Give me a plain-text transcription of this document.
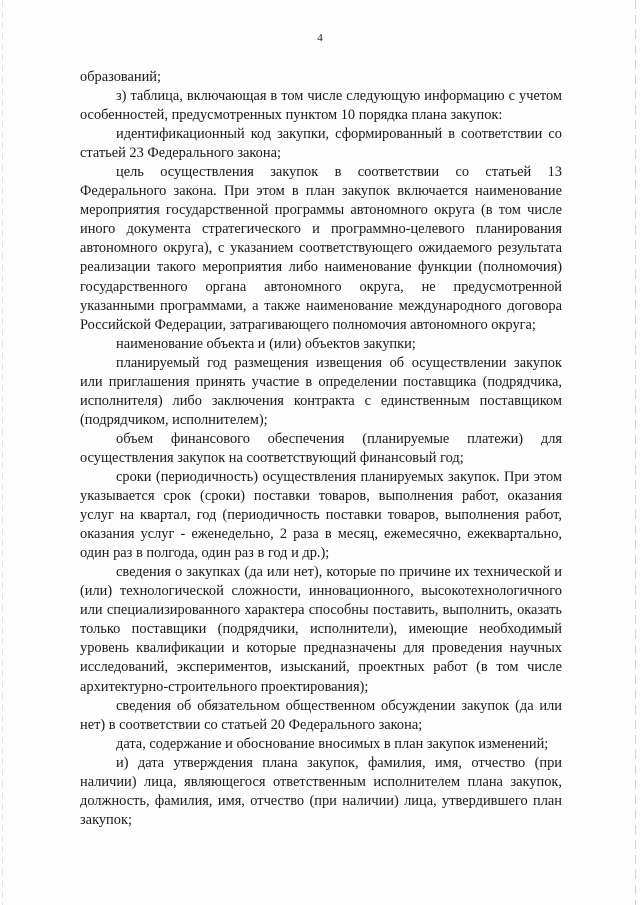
4

образований;

з) таблица, включающая в том числе следующую информацию с учетом особенностей, предусмотренных пунктом 10 порядка плана закупок:

идентификационный код закупки, сформированный в соответствии со статьей 23 Федерального закона;

цель осуществления закупок в соответствии со статьей 13 Федерального закона. При этом в план закупок включается наименование мероприятия государственной программы автономного округа (в том числе иного документа стратегического и программно-целевого планирования автономного округа), с указанием соответствующего ожидаемого результата реализации такого мероприятия либо наименование функции (полномочия) государственного органа автономного округа, не предусмотренной указанными программами, а также наименование международного договора Российской Федерации, затрагивающего полномочия автономного округа;

наименование объекта и (или) объектов закупки;

планируемый год размещения извещения об осуществлении закупок или приглашения принять участие в определении поставщика (подрядчика, исполнителя) либо заключения контракта с единственным поставщиком (подрядчиком, исполнителем);

объем финансового обеспечения (планируемые платежи) для осуществления закупок на соответствующий финансовый год;

сроки (периодичность) осуществления планируемых закупок. При этом указывается срок (сроки) поставки товаров, выполнения работ, оказания услуг на квартал, год (периодичность поставки товаров, выполнения работ, оказания услуг - еженедельно, 2 раза в месяц, ежемесячно, ежеквартально, один раз в полгода, один раз в год и др.);

сведения о закупках (да или нет), которые по причине их технической и (или) технологической сложности, инновационного, высокотехнологичного или специализированного характера способны поставить, выполнить, оказать только поставщики (подрядчики, исполнители), имеющие необходимый уровень квалификации и которые предназначены для проведения научных исследований, экспериментов, изысканий, проектных работ (в том числе архитектурно-строительного проектирования);

сведения об обязательном общественном обсуждении закупок (да или нет) в соответствии со статьей 20 Федерального закона;

дата, содержание и обоснование вносимых в план закупок изменений;

и) дата утверждения плана закупок, фамилия, имя, отчество (при наличии) лица, являющегося ответственным исполнителем плана закупок, должность, фамилия, имя, отчество (при наличии) лица, утвердившего план закупок;
